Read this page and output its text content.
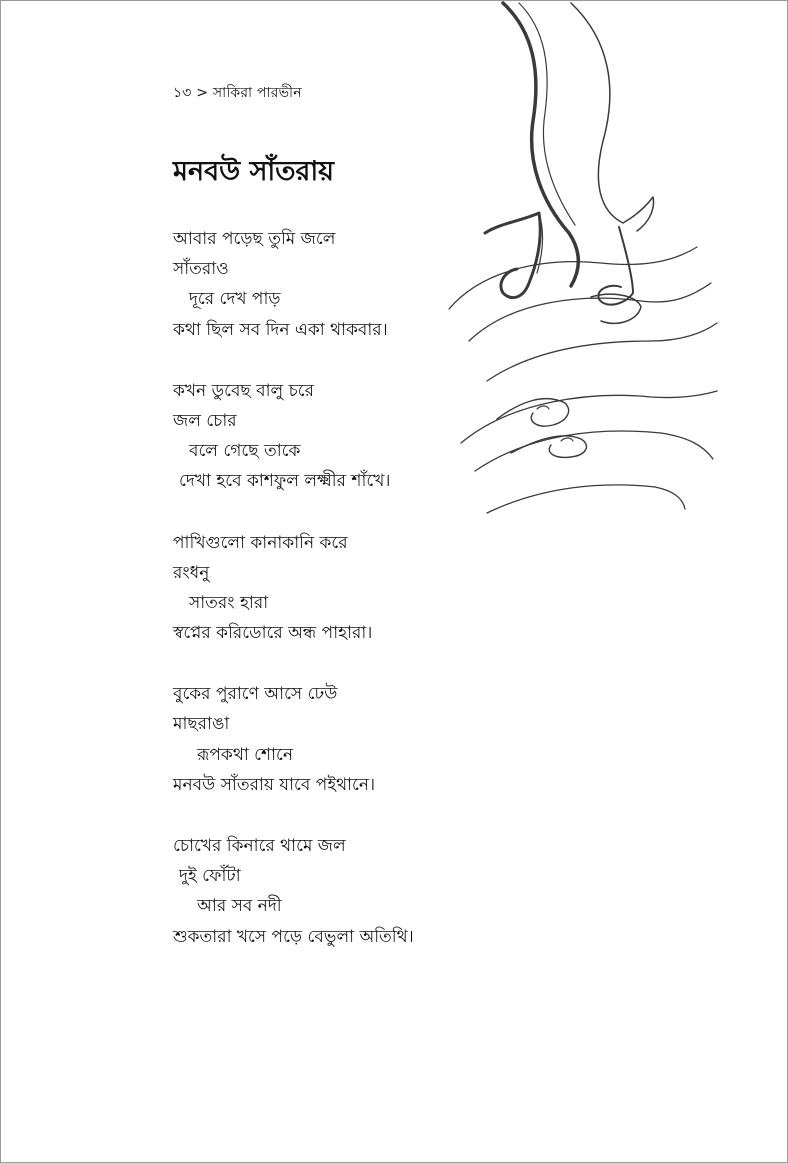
১৩ > সাকিরা পারভীন
মনবউ সাঁতরায়
আবার পড়েছ তুমি জলে
সাঁতরাও
দূরে দেখ পাড়
কথা ছিল সব দিন একা থাকবার।
কখন ডুবেছ বালু চরে
জল চোর
বলে গেছে তাকে
দেখা হবে কাশফুল লক্ষ্মীর শাঁখে।
পাখিগুলো কানাকানি করে
রংধনু
সাতরং হারা
স্বপ্নের করিডোরে অন্ধ পাহারা।
বুকের পুরাণে আসে ঢেউ
মাছরাঙা
রূপকথা শোনে
মনবউ সাঁতরায় যাবে পইথানে।
চোখের কিনারে থামে জল
দুই ফোঁটা
আর সব নদী
শুকতারা খসে পড়ে বেভুলা অতিথি।
